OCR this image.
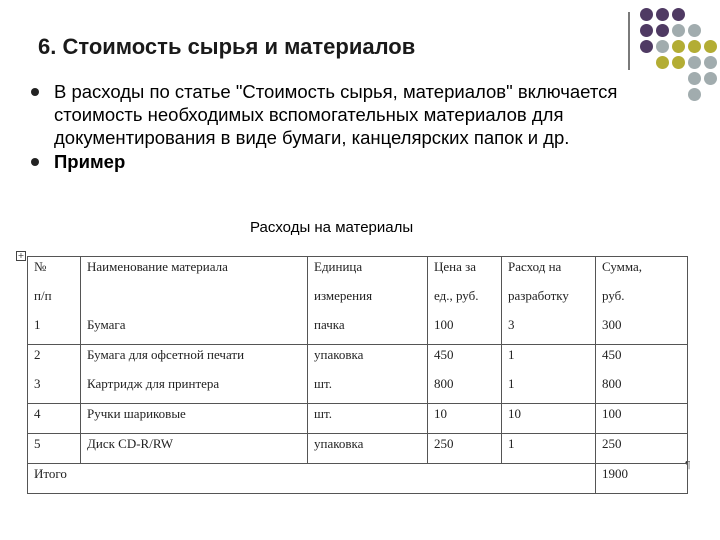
6. Стоимость сырья и материалов
В расходы по статье "Стоимость сырья, материалов" включается стоимость необходимых вспомогательных материалов для документирования в виде бумаги, канцелярских папок и др.
Пример
Расходы на материалы
+
¶
№	Наименование материала	Единица	Цена за	Расход на	Сумма,
п/п		измерения	ед., руб.	разработку	руб.
1	Бумага	пачка	100	3	300
2	Бумага для офсетной печати	упаковка	450	1	450
3	Картридж для принтера	шт.	800	1	800
4	Ручки шариковые	шт.	10	10	100
5	Диск CD-R/RW	упаковка	250	1	250
Итого					1900
